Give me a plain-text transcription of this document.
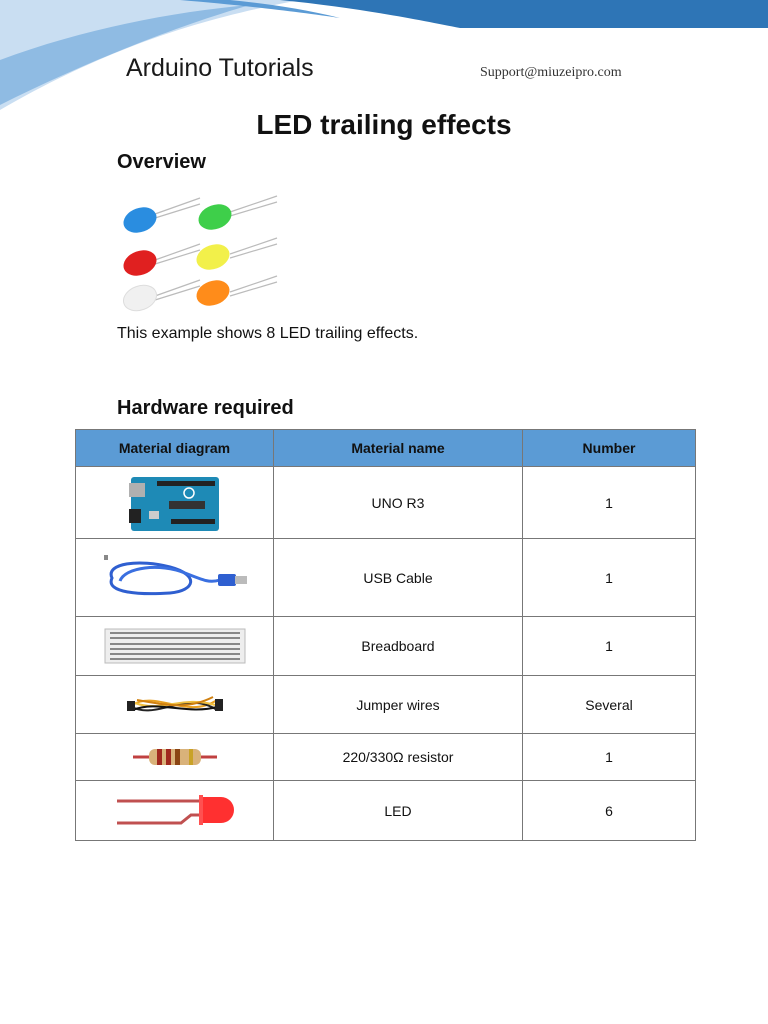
Arduino Tutorials	Support@miuzeipro.com
LED trailing effects
Overview
This example shows 8 LED trailing effects.
Hardware required
Material diagram	Material name	Number

	UNO R3	1

	USB Cable	1

	Breadboard	1

	Jumper wires	Several

	220/330Ω resistor	1

	LED	6
